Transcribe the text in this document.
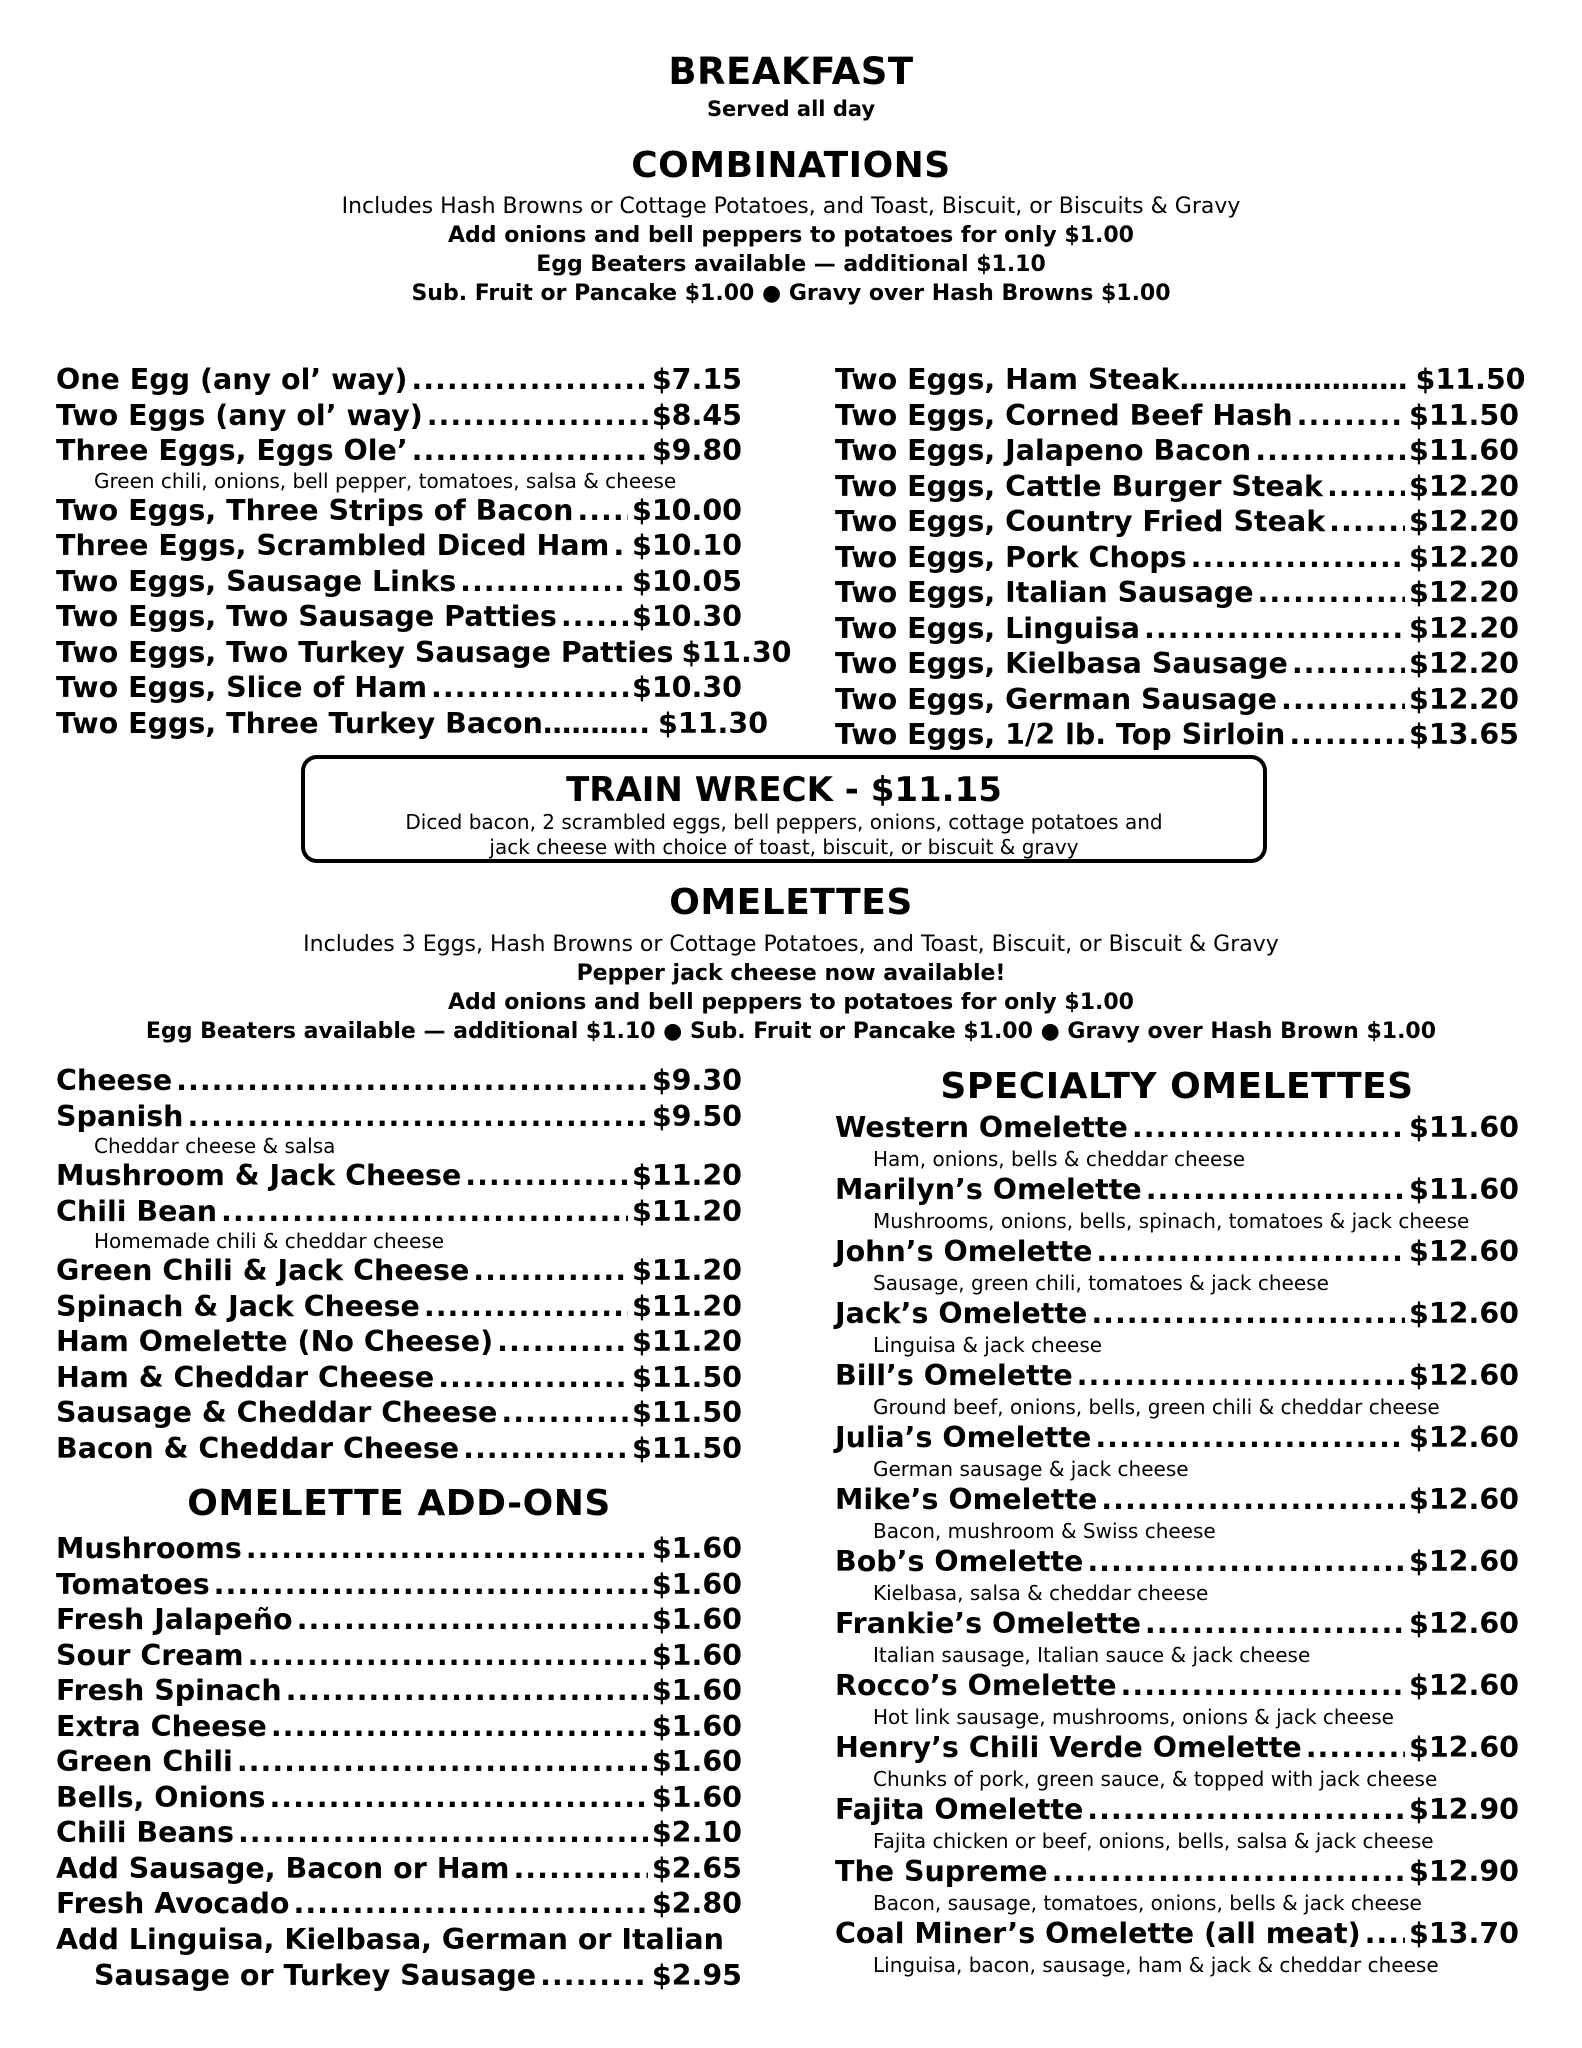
BREAKFAST
Served all day
COMBINATIONS
Includes Hash Browns or Cottage Potatoes, and Toast, Biscuit, or Biscuits & Gravy
Add onions and bell peppers to potatoes for only $1.00
Egg Beaters available — additional $1.10
Sub. Fruit or Pancake $1.00 ● Gravy over Hash Browns $1.00
One Egg (any ol’ way) .....	$7.15
Two Eggs (any ol’ way) .....	$8.45
Three Eggs, Eggs Ole’ .....	$9.80
Green chili, onions, bell pepper, tomatoes, salsa & cheese
Two Eggs, Three Strips of Bacon ..... $10.00
Three Eggs, Scrambled Diced Ham ..... $10.10
Two Eggs, Sausage Links .....	$10.05
Two Eggs, Two Sausage Patties .....	$10.30
Two Eggs, Two Turkey Sausage Patties $11.30
Two Eggs, Slice of Ham .....	$10.30
Two Eggs, Three Turkey Bacon……….. $11.30
Two Eggs, Ham Steak…………………… $11.50
Two Eggs, Corned Beef Hash .....	$11.50
Two Eggs, Jalapeno Bacon .....	$11.60
Two Eggs, Cattle Burger Steak .....	$12.20
Two Eggs, Country Fried Steak .....	$12.20
Two Eggs, Pork Chops .....	$12.20
Two Eggs, Italian Sausage .....	$12.20
Two Eggs, Linguisa .....	$12.20
Two Eggs, Kielbasa Sausage .....	$12.20
Two Eggs, German Sausage .....	$12.20
Two Eggs, 1/2 lb. Top Sirloin .....	$13.65
TRAIN WRECK - $11.15
Diced bacon, 2 scrambled eggs, bell peppers, onions, cottage potatoes and
jack cheese with choice of toast, biscuit, or biscuit & gravy
OMELETTES
Includes 3 Eggs, Hash Browns or Cottage Potatoes, and Toast, Biscuit, or Biscuit & Gravy
Pepper jack cheese now available!
Add onions and bell peppers to potatoes for only $1.00
Egg Beaters available — additional $1.10 ● Sub. Fruit or Pancake $1.00 ● Gravy over Hash Brown $1.00
Cheese .....	$9.30
Spanish .....	$9.50
Cheddar cheese & salsa
Mushroom & Jack Cheese .....	$11.20
Chili Bean .....	$11.20
Homemade chili & cheddar cheese
Green Chili & Jack Cheese .....	$11.20
Spinach & Jack Cheese .....	$11.20
Ham Omelette (No Cheese) .....	$11.20
Ham & Cheddar Cheese .....	$11.50
Sausage & Cheddar Cheese .....	$11.50
Bacon & Cheddar Cheese .....	$11.50
OMELETTE ADD-ONS
Mushrooms .....	$1.60
Tomatoes .....	$1.60
Fresh Jalapeño .....	$1.60
Sour Cream .....	$1.60
Fresh Spinach .....	$1.60
Extra Cheese .....	$1.60
Green Chili .....	$1.60
Bells, Onions .....	$1.60
Chili Beans .....	$2.10
Add Sausage, Bacon or Ham .....	$2.65
Fresh Avocado .....	$2.80
Add Linguisa, Kielbasa, German or Italian
Sausage or Turkey Sausage .....	$2.95
SPECIALTY OMELETTES
Western Omelette .....	$11.60
Ham, onions, bells & cheddar cheese
Marilyn’s Omelette .....	$11.60
Mushrooms, onions, bells, spinach, tomatoes & jack cheese
John’s Omelette .....	$12.60
Sausage, green chili, tomatoes & jack cheese
Jack’s Omelette .....	$12.60
Linguisa & jack cheese
Bill’s Omelette .....	$12.60
Ground beef, onions, bells, green chili & cheddar cheese
Julia’s Omelette .....	$12.60
German sausage & jack cheese
Mike’s Omelette .....	$12.60
Bacon, mushroom & Swiss cheese
Bob’s Omelette .....	$12.60
Kielbasa, salsa & cheddar cheese
Frankie’s Omelette .....	$12.60
Italian sausage, Italian sauce & jack cheese
Rocco’s Omelette .....	$12.60
Hot link sausage, mushrooms, onions & jack cheese
Henry’s Chili Verde Omelette .....	$12.60
Chunks of pork, green sauce, & topped with jack cheese
Fajita Omelette .....	$12.90
Fajita chicken or beef, onions, bells, salsa & jack cheese
The Supreme .....	$12.90
Bacon, sausage, tomatoes, onions, bells & jack cheese
Coal Miner’s Omelette (all meat) ..... $13.70
Linguisa, bacon, sausage, ham & jack & cheddar cheese
